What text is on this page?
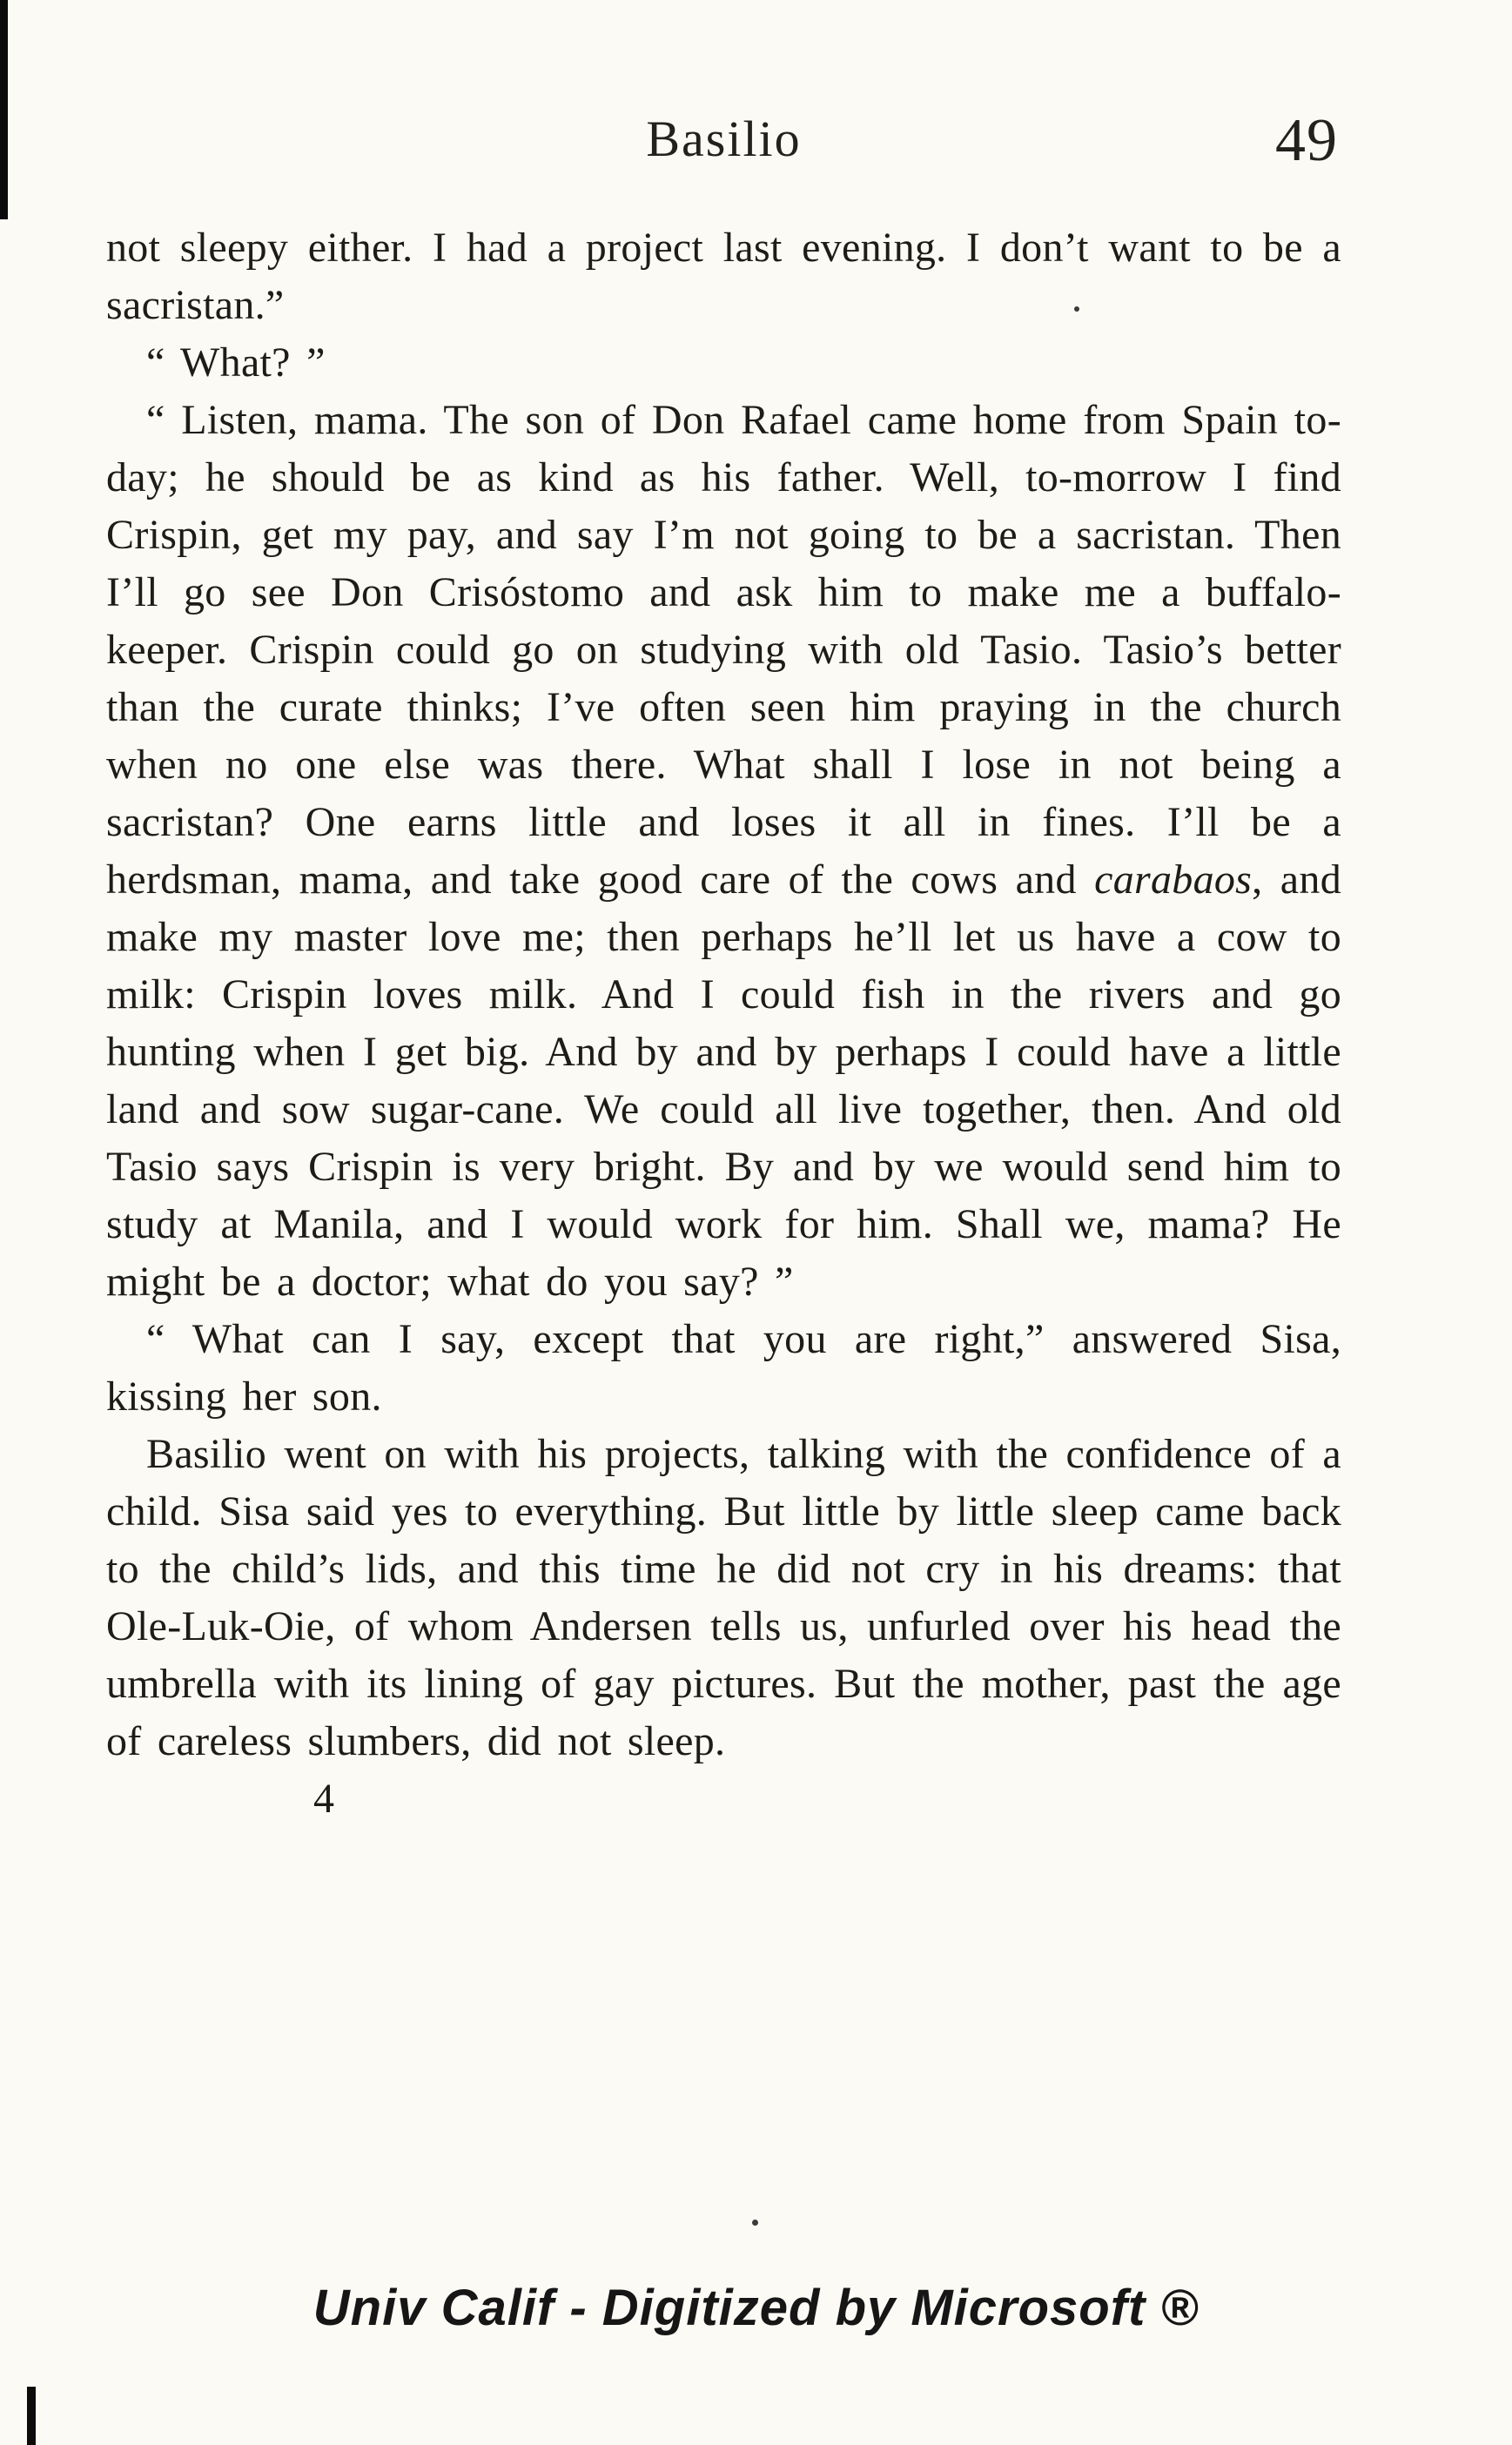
Basilio	49

not sleepy either. I had a project last evening. I don’t want to be a sacristan.”

“ What? ”

“ Listen, mama. The son of Don Rafael came home from Spain to-day; he should be as kind as his father. Well, to-morrow I find Crispin, get my pay, and say I’m not going to be a sacristan. Then I’ll go see Don Crisóstomo and ask him to make me a buffalo-keeper. Crispin could go on studying with old Tasio. Tasio’s better than the curate thinks; I’ve often seen him praying in the church when no one else was there. What shall I lose in not being a sacristan? One earns little and loses it all in fines. I’ll be a herdsman, mama, and take good care of the cows and carabaos, and make my master love me; then perhaps he’ll let us have a cow to milk: Crispin loves milk. And I could fish in the rivers and go hunting when I get big. And by and by perhaps I could have a little land and sow sugar-cane. We could all live together, then. And old Tasio says Crispin is very bright. By and by we would send him to study at Manila, and I would work for him. Shall we, mama? He might be a doctor; what do you say? ”

“ What can I say, except that you are right,” answered Sisa, kissing her son.

Basilio went on with his projects, talking with the confidence of a child. Sisa said yes to everything. But little by little sleep came back to the child’s lids, and this time he did not cry in his dreams: that Ole-Luk-Oie, of whom Andersen tells us, unfurled over his head the umbrella with its lining of gay pictures. But the mother, past the age of careless slumbers, did not sleep.

4
Univ Calif - Digitized by Microsoft ®
